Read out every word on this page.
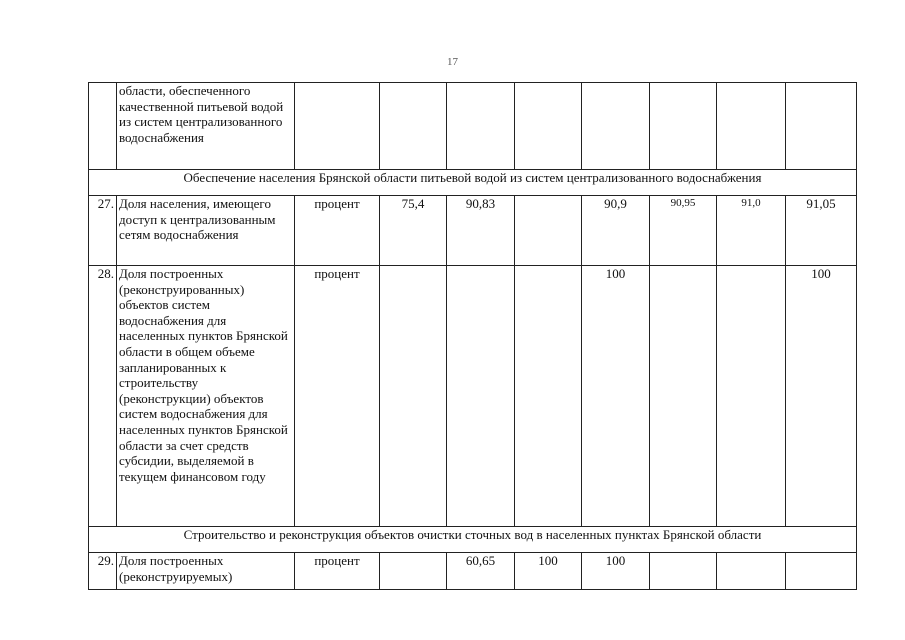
17
	области, обеспеченного качественной питьевой водой из систем централизованного водоснабжения								
Обеспечение населения Брянской области питьевой водой из систем централизованного водоснабжения									
27.	Доля населения, имеющего доступ к централизованным сетям водоснабжения	процент	75,4	90,83		90,9	90,95	91,0	91,05
28.	Доля построенных (реконструированных) объектов систем водоснабжения для населенных пунктов Брянской области в общем объеме запланированных к строительству (реконструкции) объектов систем водоснабжения для населенных пунктов Брянской области за счет средств субсидии, выделяемой в текущем финансовом году	процент				100			100
Строительство и реконструкция объектов очистки сточных вод в населенных пунктах Брянской области									
29.	Доля построенных (реконструируемых)	процент		60,65	100	100			
